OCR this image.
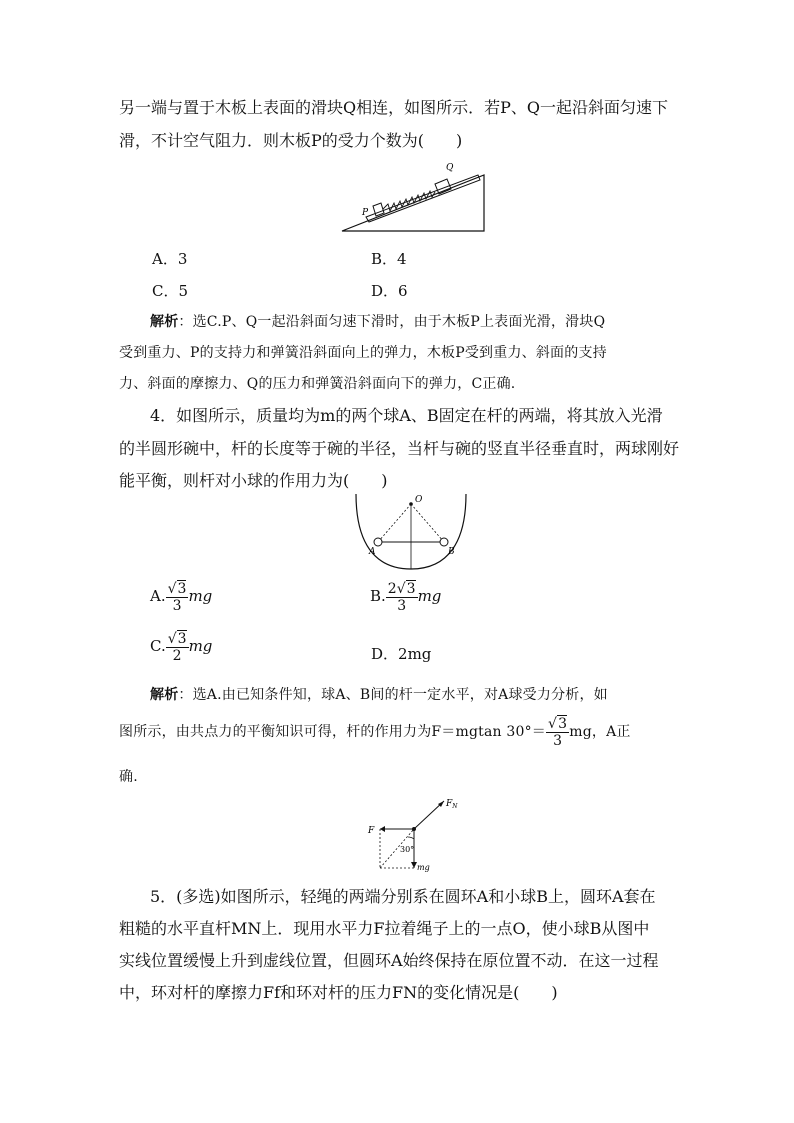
另一端与置于木板上表面的滑块Q相连，如图所示．若P、Q一起沿斜面匀速下
滑，不计空气阻力．则木板P的受力个数为(　　)
P
Q
A．3	B．4
C．5	D．6
解析：选C.P、Q一起沿斜面匀速下滑时，由于木板P上表面光滑，滑块Q
受到重力、P的支持力和弹簧沿斜面向上的弹力，木板P受到重力、斜面的支持
力、斜面的摩擦力、Q的压力和弹簧沿斜面向下的弹力，C正确.
4．如图所示，质量均为m的两个球A、B固定在杆的两端，将其放入光滑
的半圆形碗中，杆的长度等于碗的半径，当杆与碗的竖直半径垂直时，两球刚好
能平衡，则杆对小球的作用力为(　　)
O
A	B
A. $\frac{√3}{3}$ mg	B. $\frac{2√3}{3}$ mg
C. $\frac{√3}{2}$ mg	D．2mg
解析：选A.由已知条件知，球A、B间的杆一定水平，对A球受力分析，如
图所示，由共点力的平衡知识可得，杆的作用力为F＝mgtan $30^\circ= \frac{√3}{3}$ mg，A正
确.
$F_N$
F
30°
mg
5．(多选)如图所示，轻绳的两端分别系在圆环A和小球B上，圆环A套在
粗糙的水平直杆MN上．现用水平力F拉着绳子上的一点O，使小球B从图中
实线位置缓慢上升到虚线位置，但圆环A始终保持在原位置不动．在这一过程
中，环对杆的摩擦力Ff和环对杆的压力FN的变化情况是(　　)
